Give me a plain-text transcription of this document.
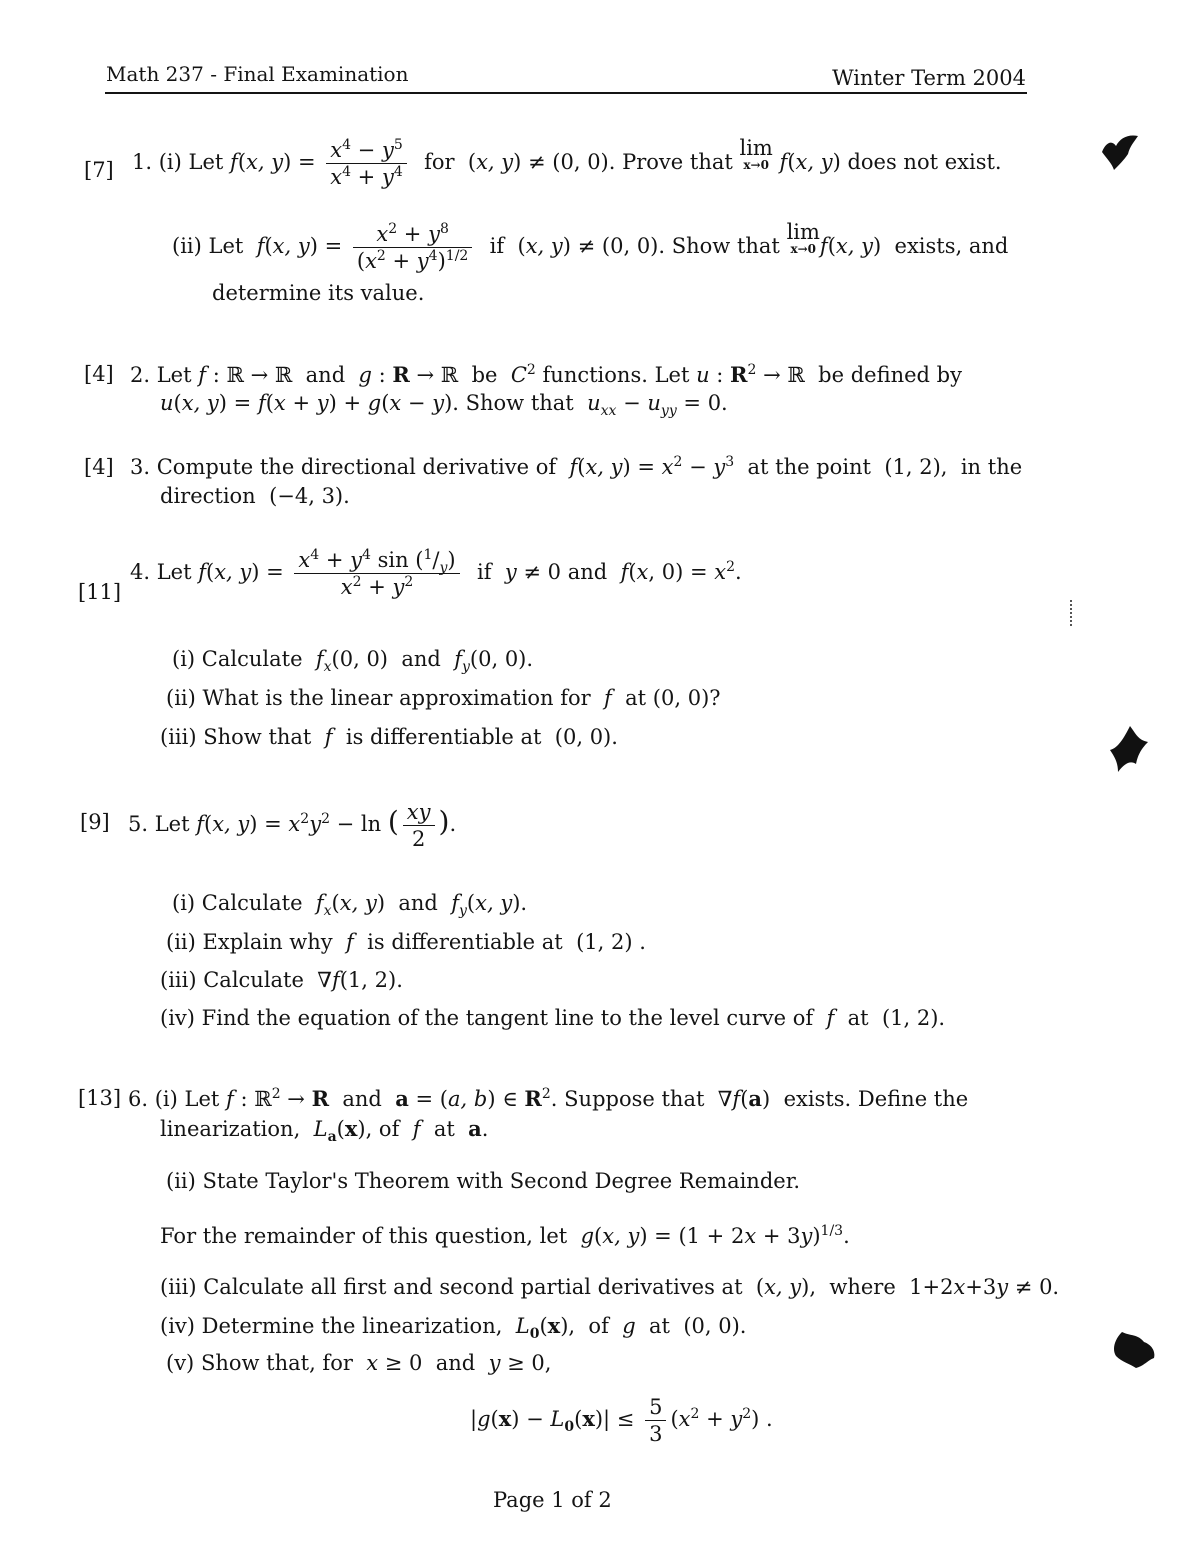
Math 237 - Final Examination	Winter Term 2004
[7] 1. (i) Let f(x, $y) = \frac{x^4 - y^5}{x^4 + y^4}$ for  (x, y) ≠ (0, 0). Prove that lim
x→0 f(x, y) does not exist.
(ii) Let f(x, $y) = \frac{x^2 + y^8}{(x^2 + y^4)^{1/2}}$ if  (x, y) ≠ (0, 0). Show that lim
x→0 f(x, y)  exists, and
determine its value.
[4] 2. Let f : ℝ → ℝ  and g : R → ℝ  be $C^2$ functions. Let u : $R^2$ → ℝ  be defined by
u(x, y) = f(x + y) + g(x − y). Show that $u_{xx} - u_{yy} = 0$.
[4] 3. Compute the directional derivative of f(x, $y) = x^2 - y^3$ at the point  (1, 2),  in the
direction  (−4, 3).
[11]
4. Let f(x, $y) = \frac{x^4 + y^4 \sin (^1/_y)}{x^2 + y^2}$ if y ≠ 0 and f(x, $0) = x^2$.
(i) Calculate $f_x(0$, 0)  and $f_y(0$, 0).
(ii) What is the linear approximation for f at (0, 0)?
(iii) Show that f is differentiable at  (0, 0).
[9] 5. Let f(x, $y) = x^2y^2 - \ln$ ( $\frac{xy}{2}$ ).
(i) Calculate $f_x(x$, y)  and $f_y(x$, y).
(ii) Explain why f is differentiable at  (1, 2) .
(iii) Calculate  ∇f(1, 2).
(iv) Find the equation of the tangent line to the level curve of f at  (1, 2).
[13] 6. (i) Let f : ℝ$^2$ → R and a = (a, b) ∈ $R^2$. Suppose that  ∇f(a)  exists. Define the
linearization, $L_a(x)$, of f at a.
(ii) State Taylor's Theorem with Second Degree Remainder.
For the remainder of this question, let g(x, $y) = (1 + 2x + 3y)^{1/3}$.
(iii) Calculate all first and second partial derivatives at  (x, y),  where  1+2x+3y ≠ 0.
(iv) Determine the linearization, $L_0(x)$,  of g at  (0, 0).
(v) Show that, for x ≥ 0  and y ≥ 0,
$|g(x) - L_0(x)| \le \frac{5}{3} (x^2 + y^2)$ .
Page 1 of 2
